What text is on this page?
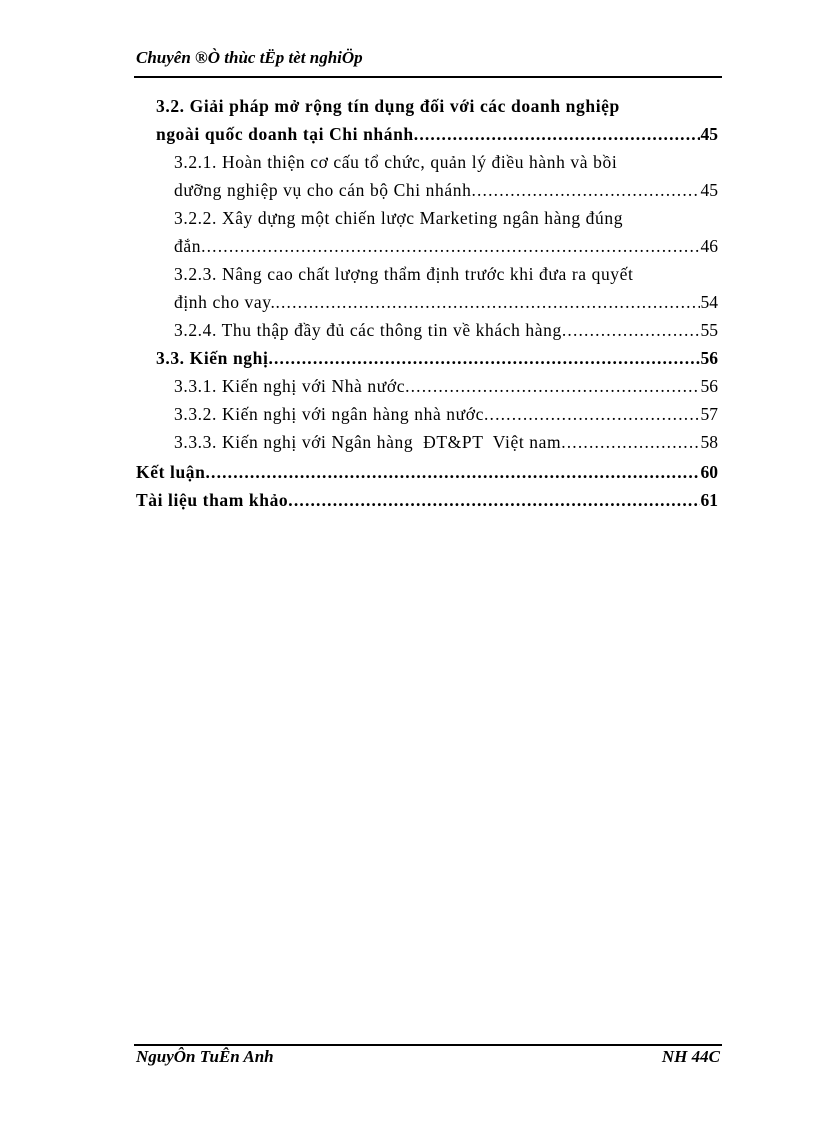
Chuyên ®Ò thùc tËp tèt nghiÖp
3.2. Giải pháp mở rộng tín dụng đối với các doanh nghiệp
ngoài quốc doanh tại Chi nhánh . . .	45
3.2.1. Hoàn thiện cơ cấu tổ chức, quản lý điều hành và bồi
dưỡng nghiệp vụ cho cán bộ Chi nhánh . . .	45
3.2.2. Xây dựng một chiến lược Marketing ngân hàng đúng
đắn . . .	46
3.2.3. Nâng cao chất lượng thẩm định trước khi đưa ra quyết
định cho vay. . . .	54
3.2.4. Thu thập đầy đủ các thông tin về khách hàng . . .	55
3.3. Kiến nghị . . .	56
3.3.1. Kiến nghị với Nhà nước . . .	56
3.3.2. Kiến nghị với ngân hàng nhà nước . . .	57
3.3.3. Kiến nghị với Ngân hàng  ĐT&PT  Việt nam . . .	58
Kết luận . . .	60
Tài liệu tham khảo . . .	61
NguyÔn TuÊn Anh	NH 44C
